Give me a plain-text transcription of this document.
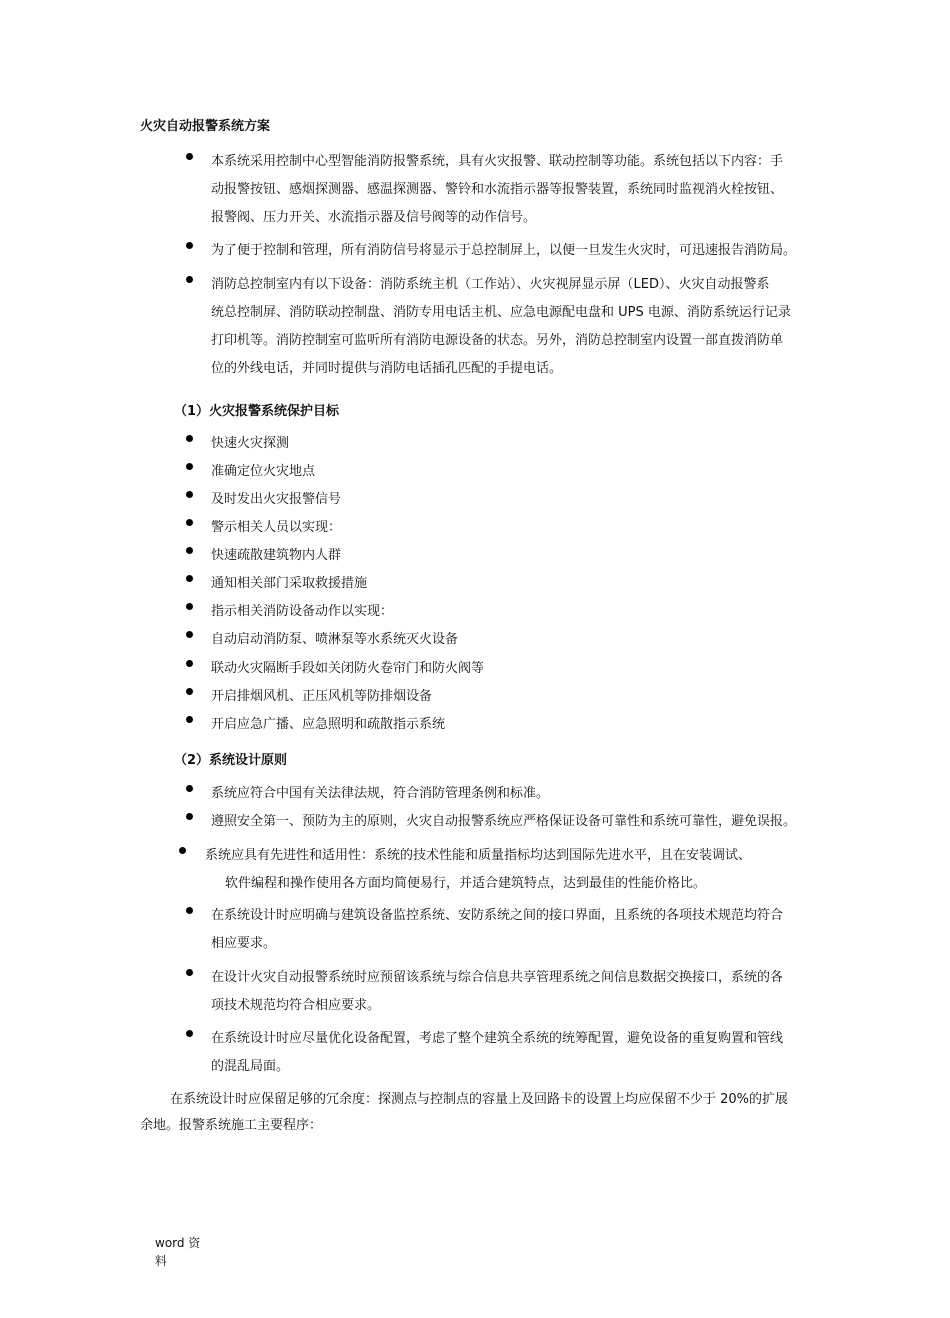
火灾自动报警系统方案
本系统采用控制中心型智能消防报警系统，具有火灾报警、联动控制等功能。系统包括以下内容：手
动报警按钮、感烟探测器、感温探测器、警铃和水流指示器等报警装置，系统同时监视消火栓按钮、
报警阀、压力开关、水流指示器及信号阀等的动作信号。
为了便于控制和管理，所有消防信号将显示于总控制屏上，以便一旦发生火灾时，可迅速报告消防局。
消防总控制室内有以下设备：消防系统主机（工作站）、火灾视屏显示屏（LED）、火灾自动报警系
统总控制屏、消防联动控制盘、消防专用电话主机、应急电源配电盘和 UPS 电源、消防系统运行记录
打印机等。消防控制室可监听所有消防电源设备的状态。另外，消防总控制室内设置一部直拨消防单
位的外线电话，并同时提供与消防电话插孔匹配的手提电话。
（1）火灾报警系统保护目标
快速火灾探测
准确定位火灾地点
及时发出火灾报警信号
警示相关人员以实现：
快速疏散建筑物内人群
通知相关部门采取救援措施
指示相关消防设备动作以实现：
自动启动消防泵、喷淋泵等水系统灭火设备
联动火灾隔断手段如关闭防火卷帘门和防火阀等
开启排烟风机、正压风机等防排烟设备
开启应急广播、应急照明和疏散指示系统
（2）系统设计原则
系统应符合中国有关法律法规，符合消防管理条例和标准。
遵照安全第一、预防为主的原则，火灾自动报警系统应严格保证设备可靠性和系统可靠性，避免误报。
系统应具有先进性和适用性：系统的技术性能和质量指标均达到国际先进水平，且在安装调试、
软件编程和操作使用各方面均简便易行，并适合建筑特点，达到最佳的性能价格比。
在系统设计时应明确与建筑设备监控系统、安防系统之间的接口界面，且系统的各项技术规范均符合
相应要求。
在设计火灾自动报警系统时应预留该系统与综合信息共享管理系统之间信息数据交换接口，系统的各
项技术规范均符合相应要求。
在系统设计时应尽量优化设备配置，考虑了整个建筑全系统的统筹配置，避免设备的重复购置和管线
的混乱局面。

在系统设计时应保留足够的冗余度：探测点与控制点的容量上及回路卡的设置上均应保留不少于 20%的扩展
余地。报警系统施工主要程序：

word 资
料
